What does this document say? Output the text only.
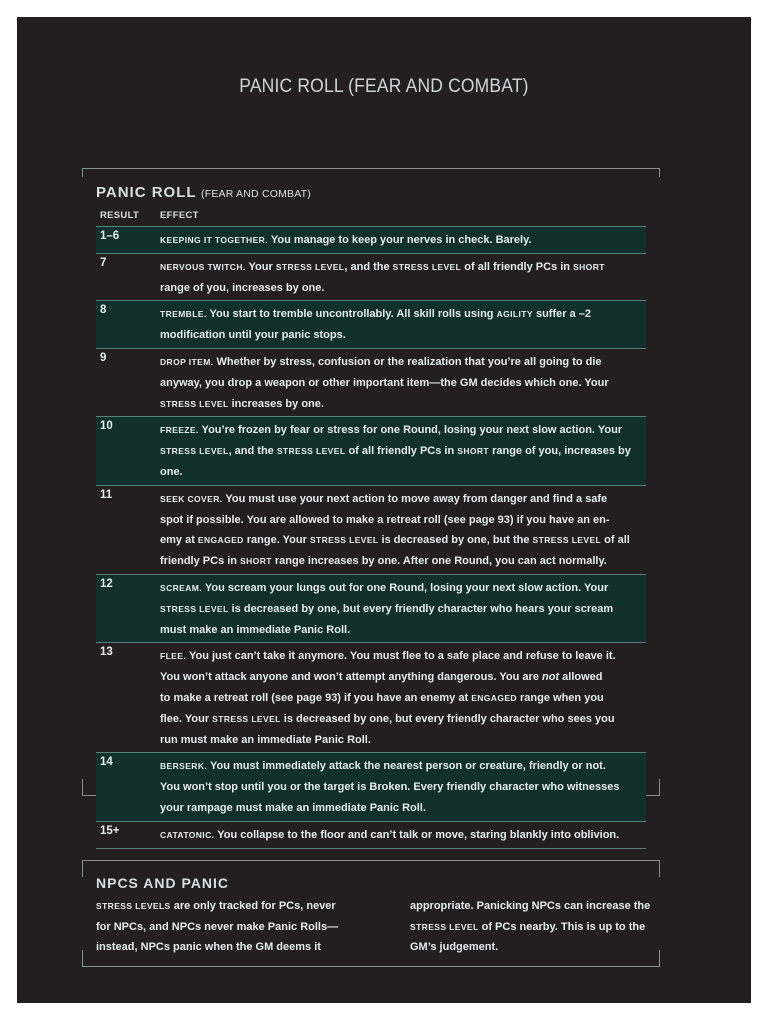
PANIC ROLL (FEAR AND COMBAT)
PANIC ROLL (FEAR AND COMBAT)
RESULT EFFECT
1–6	KEEPING IT TOGETHER. You manage to keep your nerves in check. Barely.
7	NERVOUS TWITCH. Your STRESS LEVEL, and the STRESS LEVEL of all friendly PCs in SHORT
range of you, increases by one.
8	TREMBLE. You start to tremble uncontrollably. All skill rolls using AGILITY suffer a –2
modification until your panic stops.
9	DROP ITEM. Whether by stress, confusion or the realization that you’re all going to die
anyway, you drop a weapon or other important item—the GM decides which one. Your
STRESS LEVEL increases by one.
10	FREEZE. You’re frozen by fear or stress for one Round, losing your next slow action. Your
STRESS LEVEL, and the STRESS LEVEL of all friendly PCs in SHORT range of you, increases by
one.
11	SEEK COVER. You must use your next action to move away from danger and find a safe
spot if possible. You are allowed to make a retreat roll (see page 93) if you have an en-
emy at ENGAGED range. Your STRESS LEVEL is decreased by one, but the STRESS LEVEL of all
friendly PCs in SHORT range increases by one. After one Round, you can act normally.
12	SCREAM. You scream your lungs out for one Round, losing your next slow action. Your
STRESS LEVEL is decreased by one, but every friendly character who hears your scream
must make an immediate Panic Roll.
13	FLEE. You just can’t take it anymore. You must flee to a safe place and refuse to leave it.
You won’t attack anyone and won’t attempt anything dangerous. You are not allowed
to make a retreat roll (see page 93) if you have an enemy at ENGAGED range when you
flee. Your STRESS LEVEL is decreased by one, but every friendly character who sees you
run must make an immediate Panic Roll.
14	BERSERK. You must immediately attack the nearest person or creature, friendly or not.
You won’t stop until you or the target is Broken. Every friendly character who witnesses
your rampage must make an immediate Panic Roll.
15+	CATATONIC. You collapse to the floor and can’t talk or move, staring blankly into oblivion.
NPCS AND PANIC
STRESS LEVELS are only tracked for PCs, never
for NPCs, and NPCs never make Panic Rolls—
instead, NPCs panic when the GM deems it
appropriate. Panicking NPCs can increase the
STRESS LEVEL of PCs nearby. This is up to the
GM’s judgement.
